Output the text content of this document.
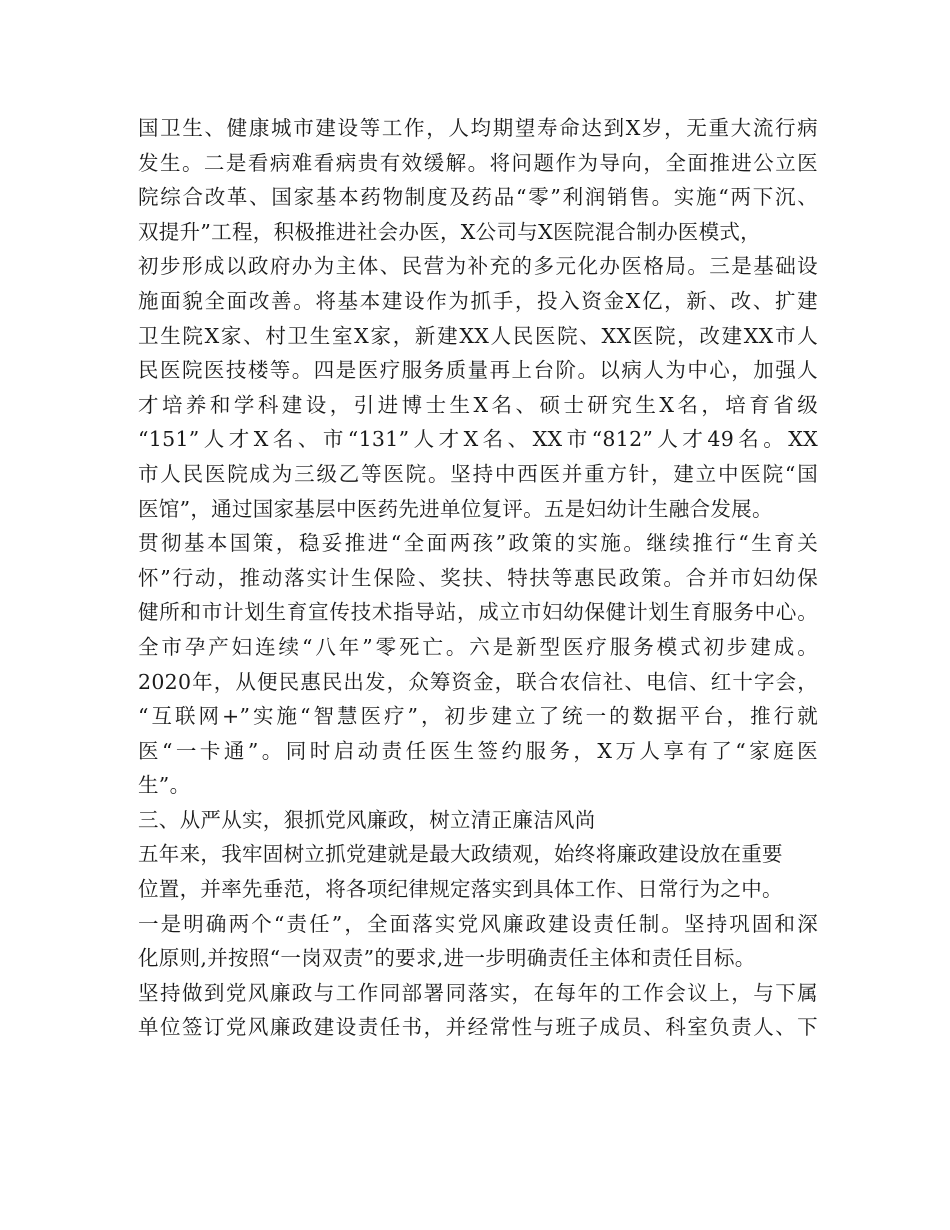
国卫生、健康城市建设等工作，人均期望寿命达到X岁，无重大流行病
发生。二是看病难看病贵有效缓解。将问题作为导向，全面推进公立医
院综合改革、国家基本药物制度及药品“零”利润销售。实施“两下沉、
双提升”工程，积极推进社会办医，X公司与X医院混合制办医模式，
初步形成以政府办为主体、民营为补充的多元化办医格局。三是基础设
施面貌全面改善。将基本建设作为抓手，投入资金X亿，新、改、扩建
卫生院X家、村卫生室X家，新建XX人民医院、XX医院，改建XX市人
民医院医技楼等。四是医疗服务质量再上台阶。以病人为中心，加强人
才培养和学科建设，引进博士生X名、硕士研究生X名，培育省级
“151”人才X名、市“131”人才X名、XX市“812”人才49名。XX
市人民医院成为三级乙等医院。坚持中西医并重方针，建立中医院“国
医馆”，通过国家基层中医药先进单位复评。五是妇幼计生融合发展。
贯彻基本国策，稳妥推进“全面两孩”政策的实施。继续推行“生育关
怀”行动，推动落实计生保险、奖扶、特扶等惠民政策。合并市妇幼保
健所和市计划生育宣传技术指导站，成立市妇幼保健计划生育服务中心。
全市孕产妇连续“八年”零死亡。六是新型医疗服务模式初步建成。
2020年，从便民惠民出发，众筹资金，联合农信社、电信、红十字会，
“互联网+”实施“智慧医疗”，初步建立了统一的数据平台，推行就
医“一卡通”。同时启动责任医生签约服务，X万人享有了“家庭医
生”。
三、从严从实，狠抓党风廉政，树立清正廉洁风尚
五年来，我牢固树立抓党建就是最大政绩观，始终将廉政建设放在重要
位置，并率先垂范，将各项纪律规定落实到具体工作、日常行为之中。
一是明确两个“责任”，全面落实党风廉政建设责任制。坚持巩固和深
化原则,并按照“一岗双责”的要求,进一步明确责任主体和责任目标。
坚持做到党风廉政与工作同部署同落实，在每年的工作会议上，与下属
单位签订党风廉政建设责任书，并经常性与班子成员、科室负责人、下
